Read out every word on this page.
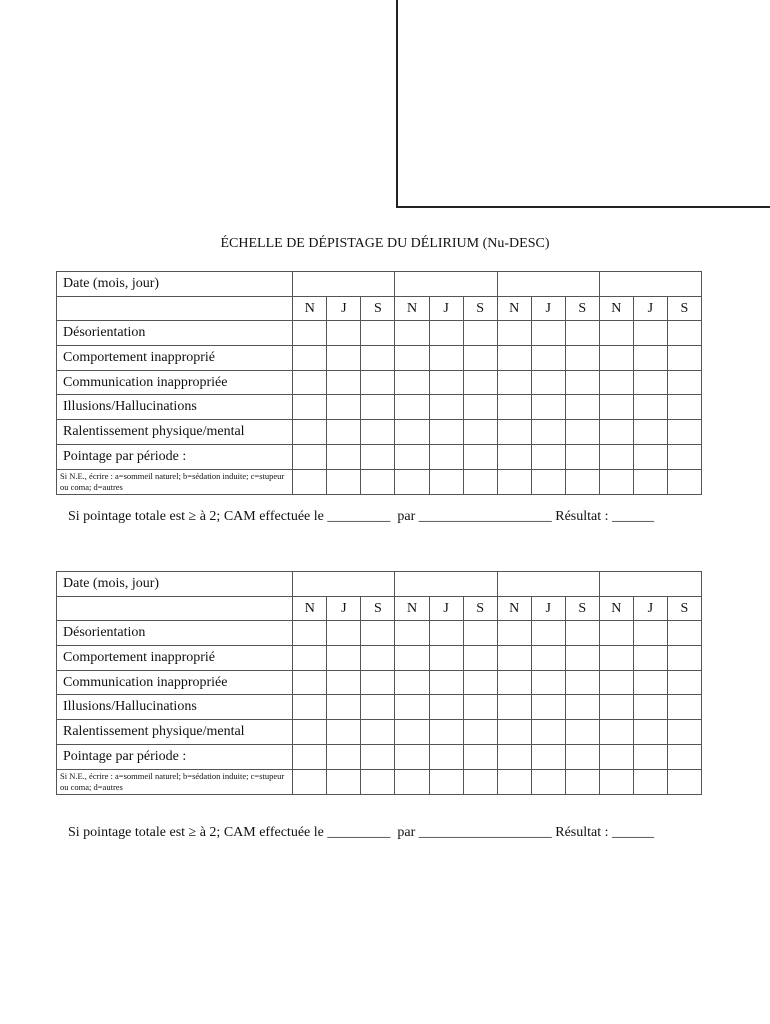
ÉCHELLE DE DÉPISTAGE DU DÉLIRIUM (Nu-DESC)
Date (mois, jour)												
	N	J	S	N	J	S	N	J	S	N	J	S
Désorientation												
Comportement inapproprié												
Communication inappropriée												
Illusions/Hallucinations												
Ralentissement physique/mental												
Pointage par période :												
Si N.E., écrire : a=sommeil naturel; b=sédation induite; c=stupeur ou coma; d=autres												
Si pointage totale est ≥ à 2; CAM effectuée le _________  par ___________________ Résultat : ______
Date (mois, jour)												
	N	J	S	N	J	S	N	J	S	N	J	S
Désorientation												
Comportement inapproprié												
Communication inappropriée												
Illusions/Hallucinations												
Ralentissement physique/mental												
Pointage par période :												
Si N.E., écrire : a=sommeil naturel; b=sédation induite; c=stupeur ou coma; d=autres												
Si pointage totale est ≥ à 2; CAM effectuée le _________  par ___________________ Résultat : ______
